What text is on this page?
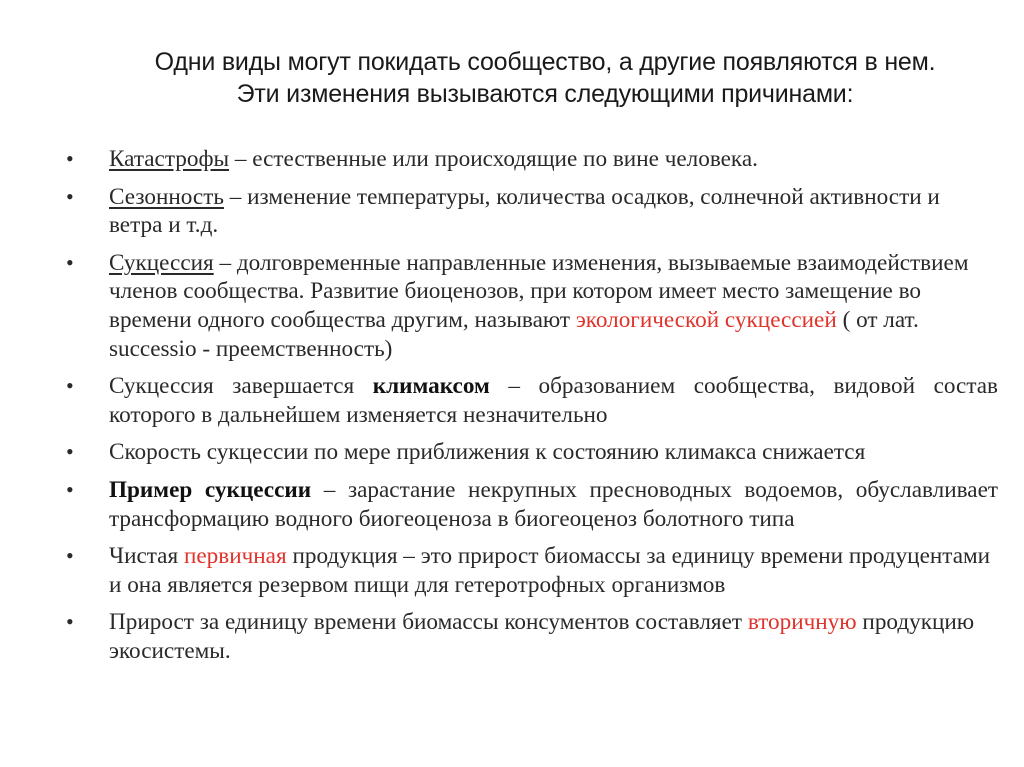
Одни виды могут покидать сообщество, а другие появляются в нем.
Эти изменения вызываются следующими причинами:
•	Катастрофы – естественные или происходящие по вине человека.
•	Сезонность – изменение температуры, количества осадков, солнечной активности и ветра и т.д.
•	Сукцессия – долговременные направленные изменения, вызываемые взаимодействием членов сообщества. Развитие биоценозов, при котором имеет место замещение во времени одного сообщества другим, называют экологической сукцессией ( от лат. successio - преемственность)
•	Сукцессия завершается климаксом – образованием сообщества, видовой состав которого в дальнейшем изменяется незначительно
•	Скорость сукцессии по мере приближения к состоянию климакса снижается
•	Пример сукцессии – зарастание некрупных пресноводных водоемов, обуславливает трансформацию водного биогеоценоза в биогеоценоз болотного типа
•	Чистая первичная продукция – это прирост биомассы за единицу времени продуцентами и она является резервом пищи для гетеротрофных организмов
•	Прирост за единицу времени биомассы консументов составляет вторичную продукцию экосистемы.
